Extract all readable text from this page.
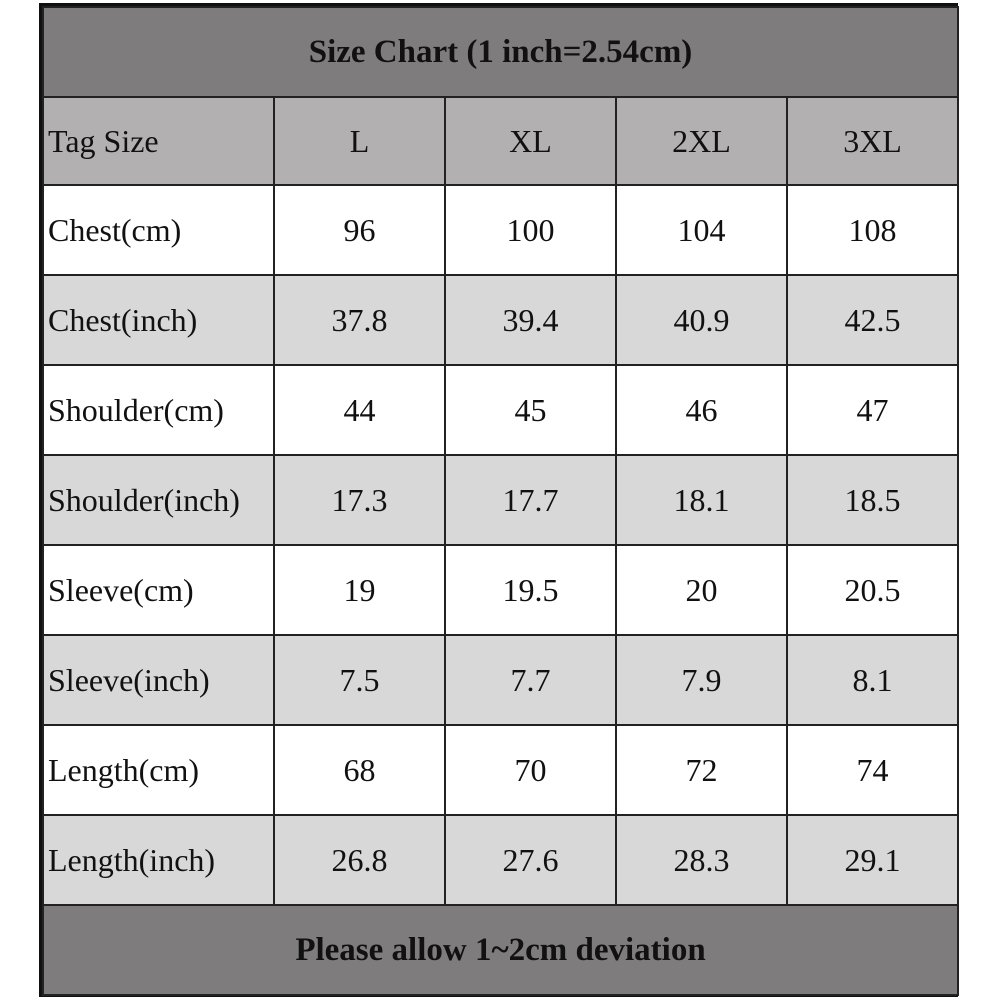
Size Chart (1 inch=2.54cm)				
Tag Size	L	XL	2XL	3XL
Chest(cm)	96	100	104	108
Chest(inch)	37.8	39.4	40.9	42.5
Shoulder(cm)	44	45	46	47
Shoulder(inch)	17.3	17.7	18.1	18.5
Sleeve(cm)	19	19.5	20	20.5
Sleeve(inch)	7.5	7.7	7.9	8.1
Length(cm)	68	70	72	74
Length(inch)	26.8	27.6	28.3	29.1
Please allow 1~2cm deviation				
